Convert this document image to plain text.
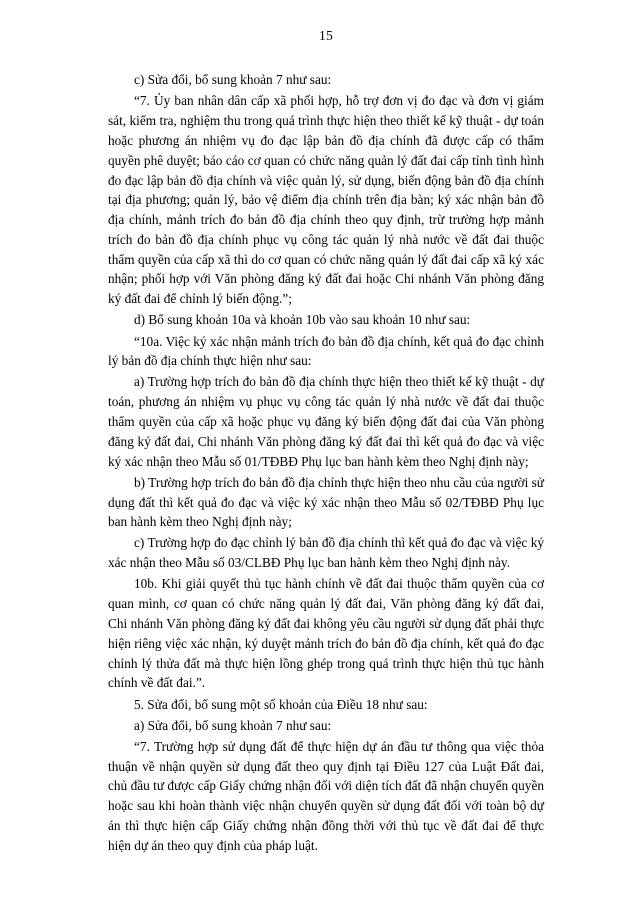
15

c) Sửa đổi, bổ sung khoản 7 như sau:

“7. Ủy ban nhân dân cấp xã phối hợp, hỗ trợ đơn vị đo đạc và đơn vị giám sát, kiểm tra, nghiệm thu trong quá trình thực hiện theo thiết kế kỹ thuật - dự toán hoặc phương án nhiệm vụ đo đạc lập bản đồ địa chính đã được cấp có thẩm quyền phê duyệt; báo cáo cơ quan có chức năng quản lý đất đai cấp tỉnh tình hình đo đạc lập bản đồ địa chính và việc quản lý, sử dụng, biến động bản đồ địa chính tại địa phương; quản lý, bảo vệ điểm địa chính trên địa bàn; ký xác nhận bản đồ địa chính, mảnh trích đo bản đồ địa chính theo quy định, trừ trường hợp mảnh trích đo bản đồ địa chính phục vụ công tác quản lý nhà nước về đất đai thuộc thẩm quyền của cấp xã thì do cơ quan có chức năng quản lý đất đai cấp xã ký xác nhận; phối hợp với Văn phòng đăng ký đất đai hoặc Chi nhánh Văn phòng đăng ký đất đai để chỉnh lý biến động.”;

d) Bổ sung khoản 10a và khoản 10b vào sau khoản 10 như sau:

“10a. Việc ký xác nhận mảnh trích đo bản đồ địa chính, kết quả đo đạc chỉnh lý bản đồ địa chính thực hiện như sau:

a) Trường hợp trích đo bản đồ địa chính thực hiện theo thiết kế kỹ thuật - dự toán, phương án nhiệm vụ phục vụ công tác quản lý nhà nước về đất đai thuộc thẩm quyền của cấp xã hoặc phục vụ đăng ký biến động đất đai của Văn phòng đăng ký đất đai, Chi nhánh Văn phòng đăng ký đất đai thì kết quả đo đạc và việc ký xác nhận theo Mẫu số 01/TĐBĐ Phụ lục ban hành kèm theo Nghị định này;

b) Trường hợp trích đo bản đồ địa chính thực hiện theo nhu cầu của người sử dụng đất thì kết quả đo đạc và việc ký xác nhận theo Mẫu số 02/TĐBĐ Phụ lục ban hành kèm theo Nghị định này;

c) Trường hợp đo đạc chỉnh lý bản đồ địa chính thì kết quả đo đạc và việc ký xác nhận theo Mẫu số 03/CLBĐ Phụ lục ban hành kèm theo Nghị định này.

10b. Khi giải quyết thủ tục hành chính về đất đai thuộc thẩm quyền của cơ quan mình, cơ quan có chức năng quản lý đất đai, Văn phòng đăng ký đất đai, Chi nhánh Văn phòng đăng ký đất đai không yêu cầu người sử dụng đất phải thực hiện riêng việc xác nhận, ký duyệt mảnh trích đo bản đồ địa chính, kết quả đo đạc chỉnh lý thửa đất mà thực hiện lồng ghép trong quá trình thực hiện thủ tục hành chính về đất đai.”.

5. Sửa đổi, bổ sung một số khoản của Điều 18 như sau:

a) Sửa đổi, bổ sung khoản 7 như sau:

“7. Trường hợp sử dụng đất để thực hiện dự án đầu tư thông qua việc thỏa thuận về nhận quyền sử dụng đất theo quy định tại Điều 127 của Luật Đất đai, chủ đầu tư được cấp Giấy chứng nhận đối với diện tích đất đã nhận chuyển quyền hoặc sau khi hoàn thành việc nhận chuyển quyền sử dụng đất đối với toàn bộ dự án thì thực hiện cấp Giấy chứng nhận đồng thời với thủ tục về đất đai để thực hiện dự án theo quy định của pháp luật.
